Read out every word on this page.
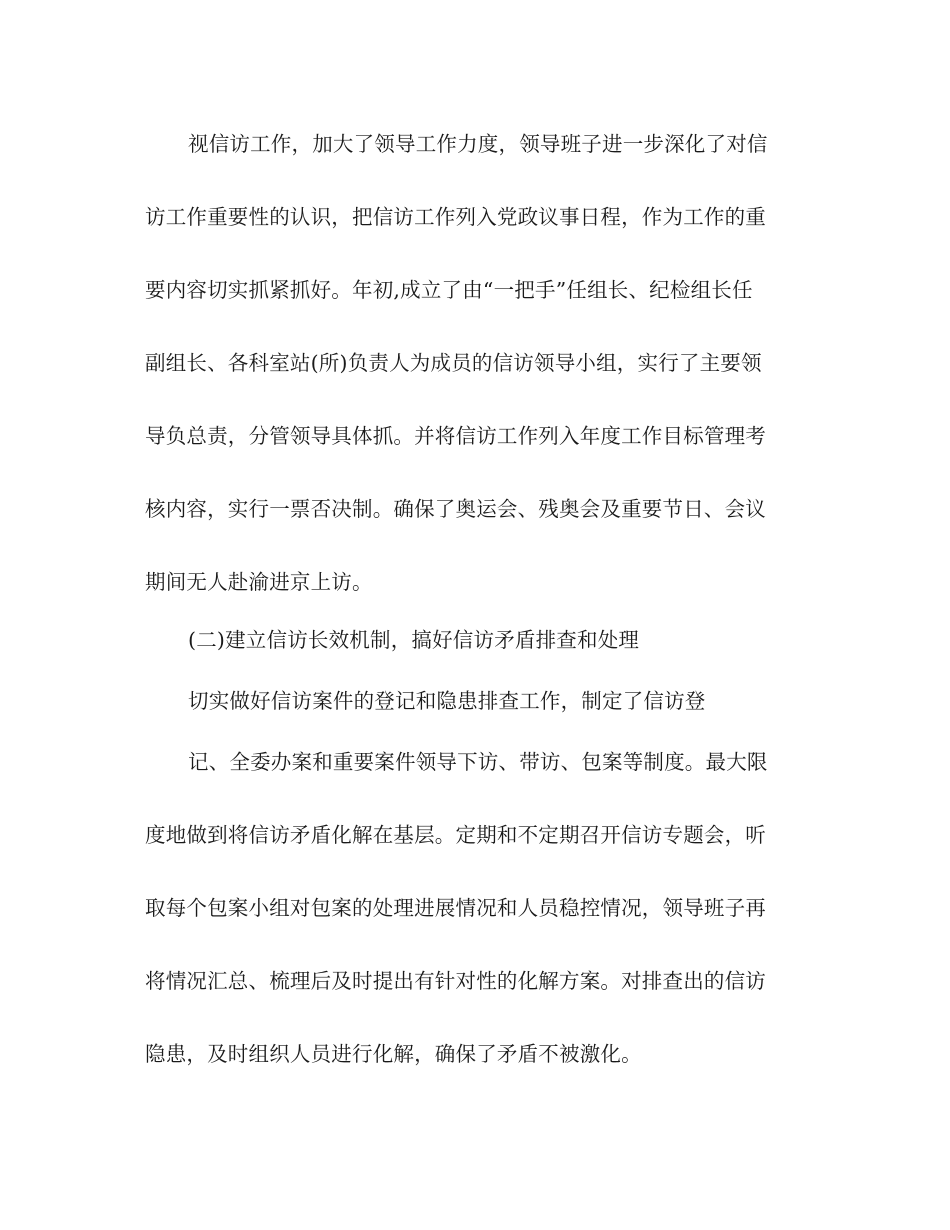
视信访工作，加大了领导工作力度，领导班子进一步深化了对信
访工作重要性的认识，把信访工作列入党政议事日程，作为工作的重
要内容切实抓紧抓好。年初,成立了由“一把手”任组长、纪检组长任
副组长、各科室站(所)负责人为成员的信访领导小组，实行了主要领
导负总责，分管领导具体抓。并将信访工作列入年度工作目标管理考
核内容，实行一票否决制。确保了奥运会、残奥会及重要节日、会议
期间无人赴渝进京上访。
(二)建立信访长效机制，搞好信访矛盾排查和处理
切实做好信访案件的登记和隐患排查工作，制定了信访登
记、全委办案和重要案件领导下访、带访、包案等制度。最大限
度地做到将信访矛盾化解在基层。定期和不定期召开信访专题会，听
取每个包案小组对包案的处理进展情况和人员稳控情况，领导班子再
将情况汇总、梳理后及时提出有针对性的化解方案。对排查出的信访
隐患，及时组织人员进行化解，确保了矛盾不被激化。
